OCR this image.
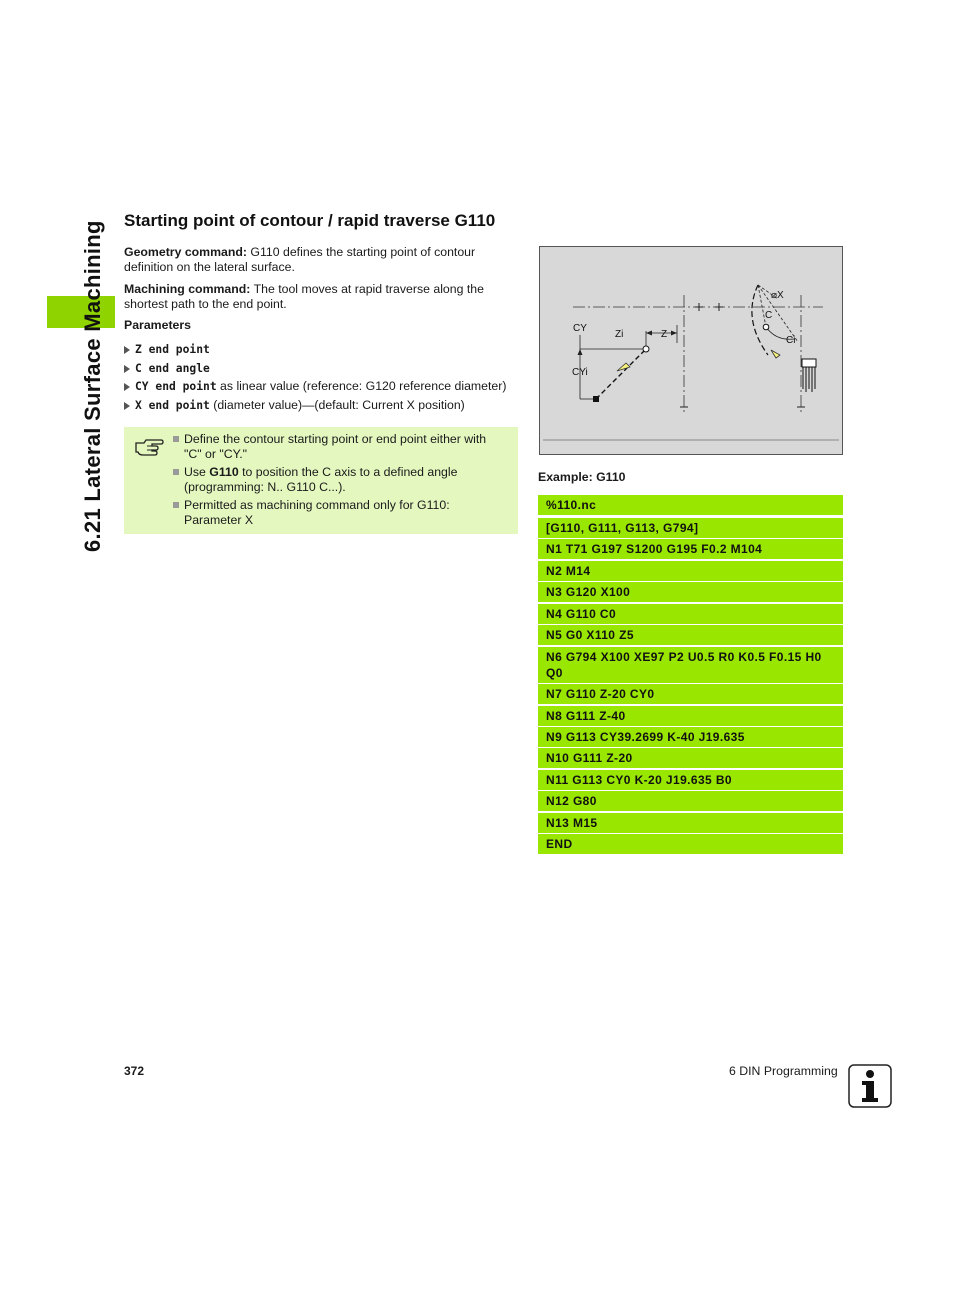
6.21 Lateral Surface Machining Starting point of contour / rapid traverse G110

Geometry command: G110 defines the starting point of contour definition on the lateral surface.

Machining command: The tool moves at rapid traverse along the shortest path to the end point.

Parameters

Z end point
C end angle
CY end point as linear value (reference: G120 reference diameter)
X end point (diameter value)—(default: Current X position)
Define the contour starting point or end point either with "C" or "CY."
Use G110 to position the C axis to a defined angle (programming: N.. G110 C...).
Permitted as machining command only for G110: Parameter X
CY
CYi
Zi	Z
C
Ci
⌀X

Example: G110

%110.nc
[G110, G111, G113, G794]
N1 T71 G197 S1200 G195 F0.2 M104
N2 M14
N3 G120 X100
N4 G110 C0
N5 G0 X110 Z5
N6 G794 X100 XE97 P2 U0.5 R0 K0.5 F0.15 H0 Q0
N7 G110 Z-20 CY0
N8 G111 Z-40
N9 G113 CY39.2699 K-40 J19.635
N10 G111 Z-20
N11 G113 CY0 K-20 J19.635 B0
N12 G80
N13 M15
END
372	6 DIN Programming
